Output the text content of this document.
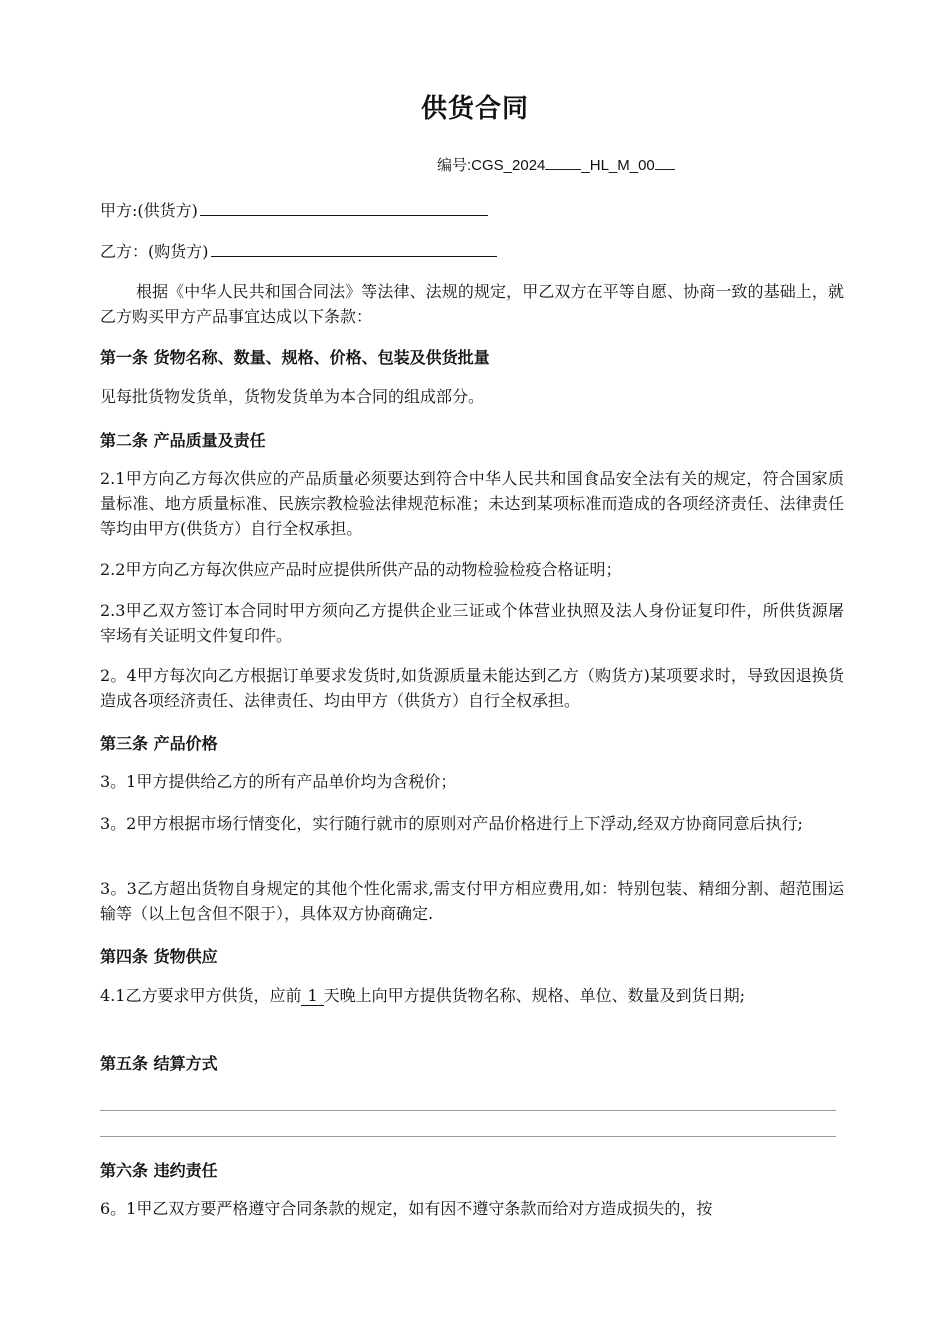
供货合同
编号:CGS_2024 _HL_M_00
甲方:(供货方)
乙方：(购货方)
根据《中华人民共和国合同法》等法律、法规的规定，甲乙双方在平等自愿、协商一致的基础上，就乙方购买甲方产品事宜达成以下条款：
第一条 货物名称、数量、规格、价格、包装及供货批量
见每批货物发货单，货物发货单为本合同的组成部分。
第二条 产品质量及责任
2.1甲方向乙方每次供应的产品质量必须要达到符合中华人民共和国食品安全法有关的规定，符合国家质量标准、地方质量标准、民族宗教检验法律规范标准；未达到某项标准而造成的各项经济责任、法律责任等均由甲方(供货方）自行全权承担。
2.2甲方向乙方每次供应产品时应提供所供产品的动物检验检疫合格证明；
2.3甲乙双方签订本合同时甲方须向乙方提供企业三证或个体营业执照及法人身份证复印件，所供货源屠宰场有关证明文件复印件。
2。4甲方每次向乙方根据订单要求发货时,如货源质量未能达到乙方（购货方)某项要求时，导致因退换货造成各项经济责任、法律责任、均由甲方（供货方）自行全权承担。
第三条 产品价格
3。1甲方提供给乙方的所有产品单价均为含税价；
3。2甲方根据市场行情变化，实行随行就市的原则对产品价格进行上下浮动,经双方协商同意后执行;
3。3乙方超出货物自身规定的其他个性化需求,需支付甲方相应费用,如：特别包装、精细分割、超范围运输等（以上包含但不限于），具体双方协商确定.
第四条 货物供应
4.1乙方要求甲方供货，应前 1 天晚上向甲方提供货物名称、规格、单位、数量及到货日期;
第五条 结算方式
第六条 违约责任
6。1甲乙双方要严格遵守合同条款的规定，如有因不遵守条款而给对方造成损失的，按
